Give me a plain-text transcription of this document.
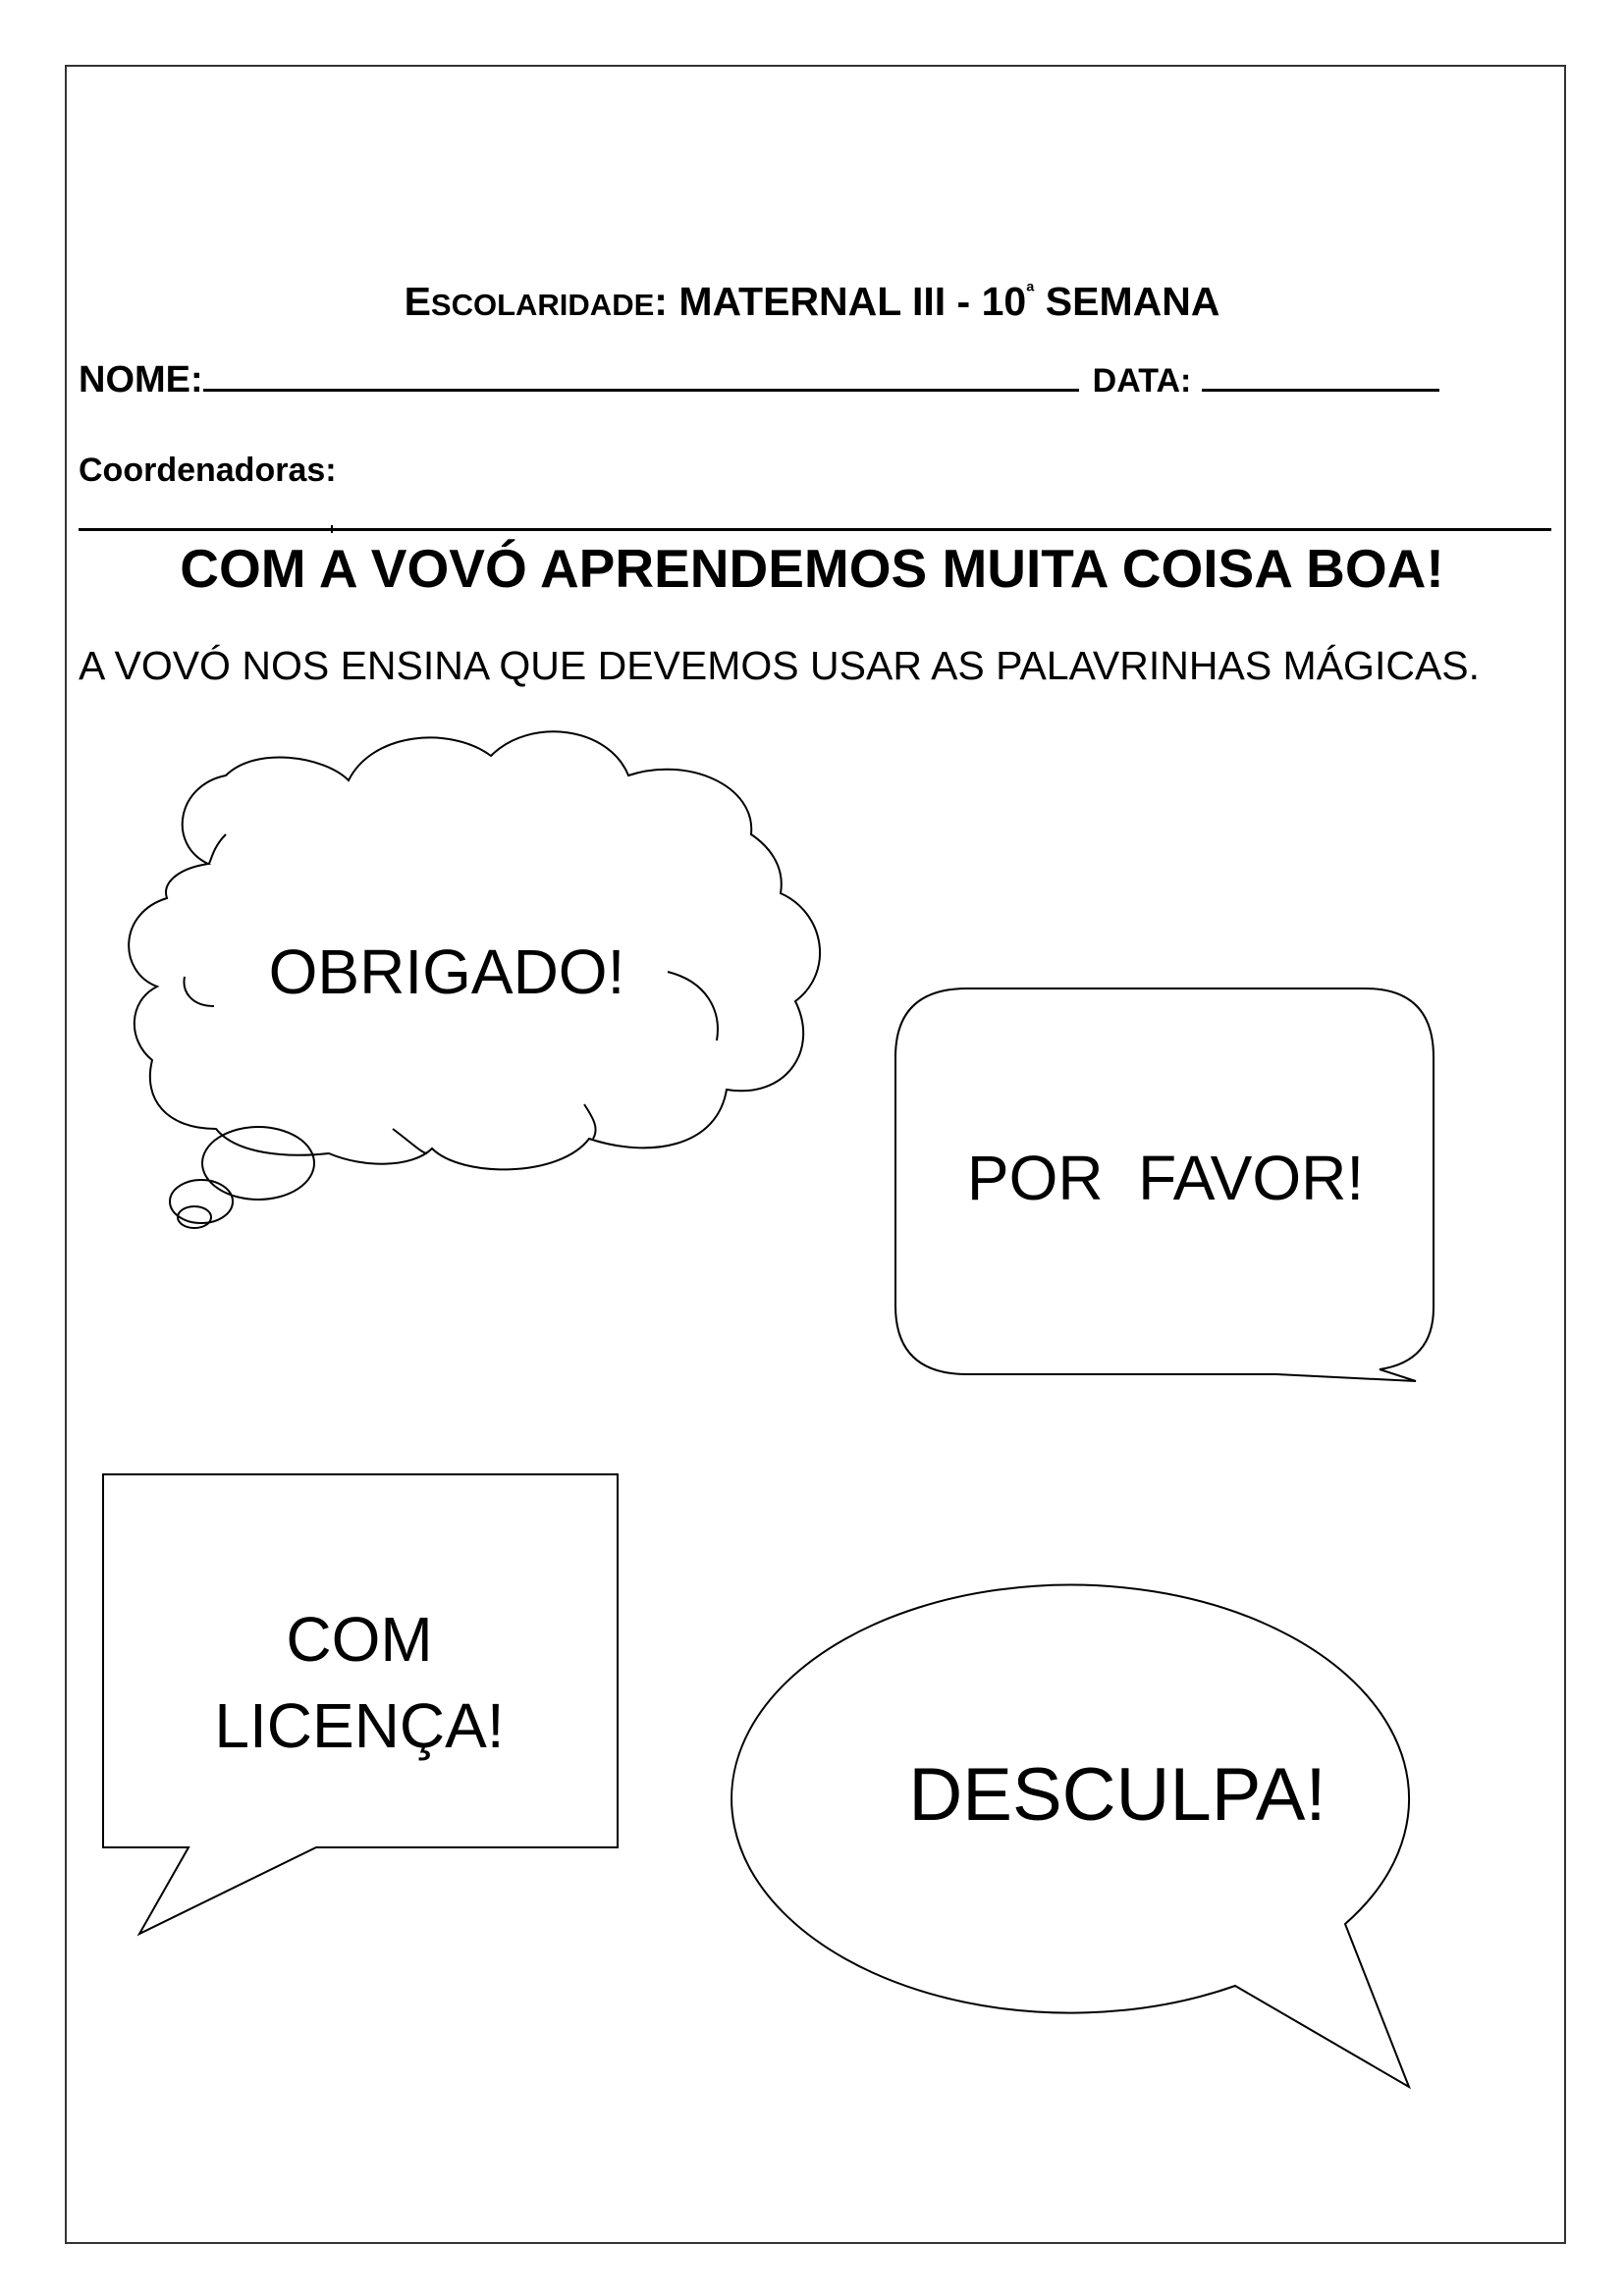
ESCOLARIDADE: MATERNAL III - $10^ª$ SEMANA
NOME:	DATA:
Coordenadoras:
COM A VOVÓ APRENDEMOS MUITA COISA BOA!
A VOVÓ NOS ENSINA QUE DEVEMOS USAR AS PALAVRINHAS MÁGICAS.
OBRIGADO!
POR  FAVOR!
COM
LICENÇA!
DESCULPA!
